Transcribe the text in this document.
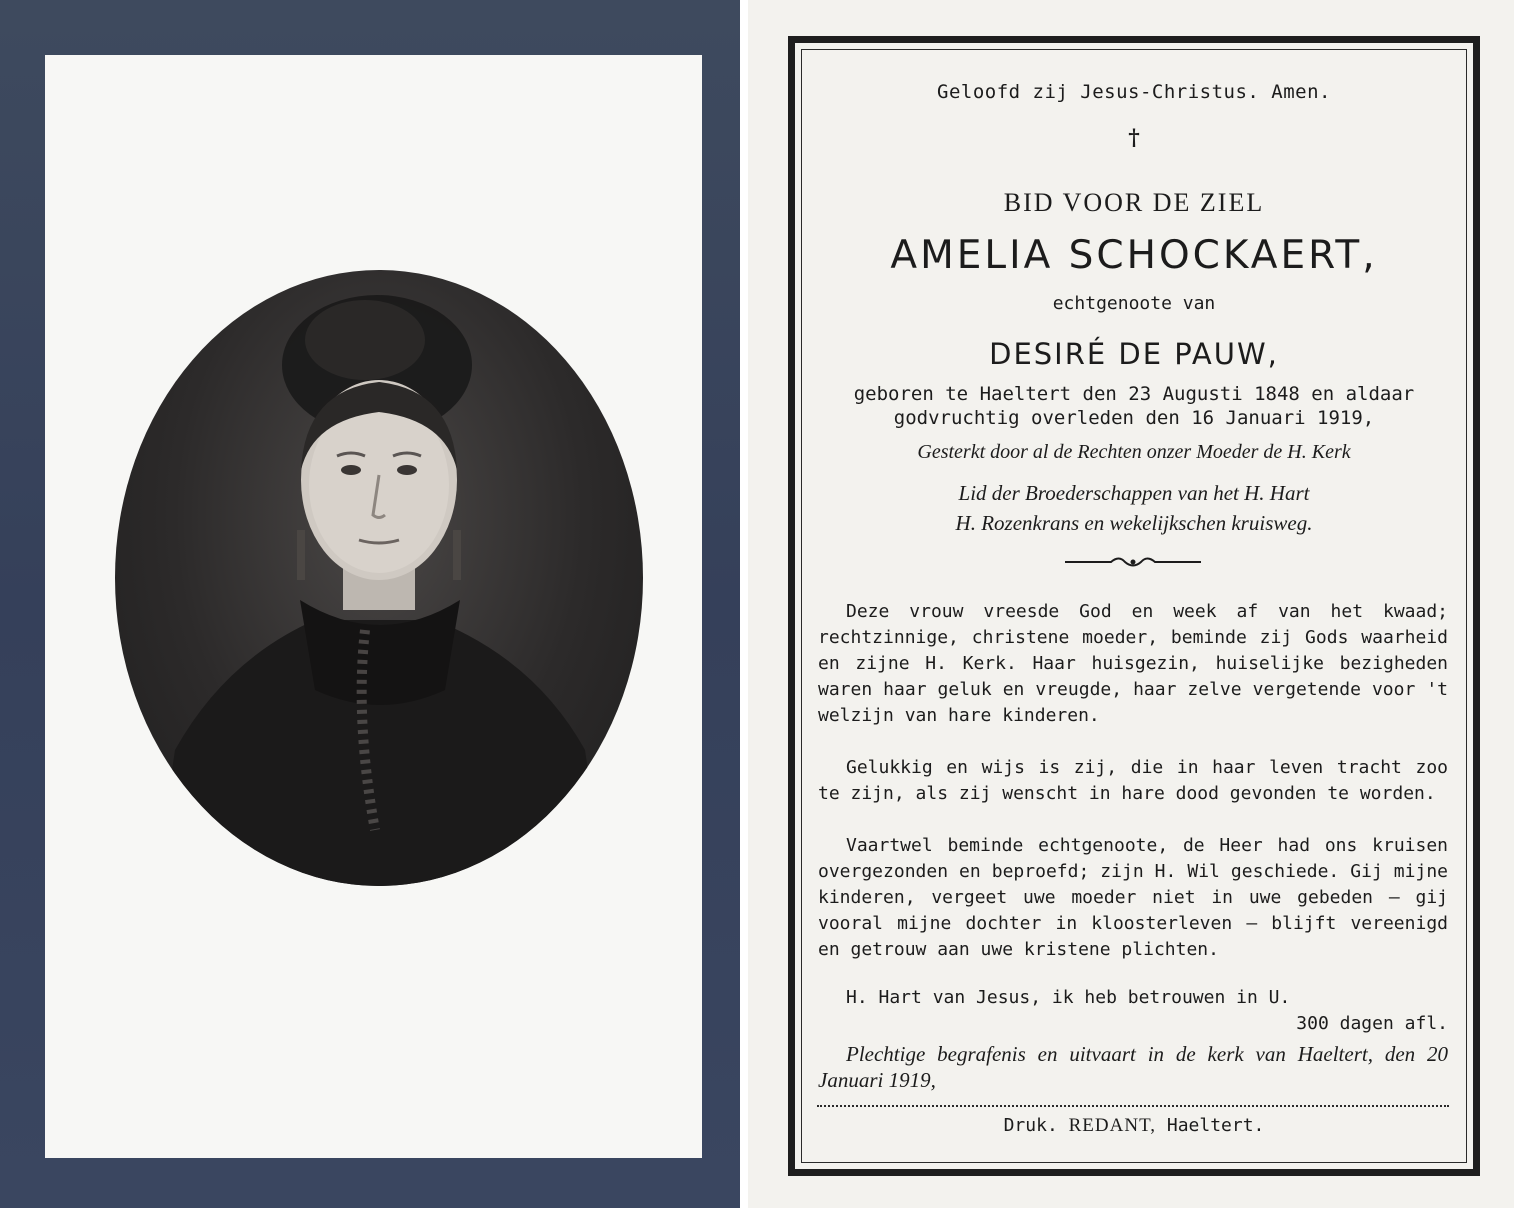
Geloofd zij Jesus-Christus. Amen.
†
BID VOOR DE ZIEL
AMELIA SCHOCKAERT,
echtgenoote van
DESIRÉ DE PAUW,
geboren te Haeltert den 23 Augusti 1848 en aldaar
godvruchtig overleden den 16 Januari 1919,
Gesterkt door al de Rechten onzer Moeder de H. Kerk
Lid der Broederschappen van het H. Hart
H. Rozenkrans en wekelijkschen kruisweg.
Deze vrouw vreesde God en week af van het kwaad; rechtzinnige, christene moeder, beminde zij Gods waarheid en zijne H. Kerk. Haar huisgezin, huiselijke bezigheden waren haar geluk en vreugde, haar zelve vergetende voor 't welzijn van hare kinderen.
Gelukkig en wijs is zij, die in haar leven tracht zoo te zijn, als zij wenscht in hare dood gevonden te worden.
Vaartwel beminde echtgenoote, de Heer had ons kruisen overgezonden en beproefd; zijn H. Wil geschiede. Gij mijne kinderen, vergeet uwe moeder niet in uwe gebeden — gij vooral mijne dochter in kloosterleven — blijft vereenigd en getrouw aan uwe kristene plichten.
H. Hart van Jesus, ik heb betrouwen in U.
300 dagen afl.
Plechtige begrafenis en uitvaart in de kerk van Haeltert, den 20 Januari 1919,
Druk. REDANT, Haeltert.
